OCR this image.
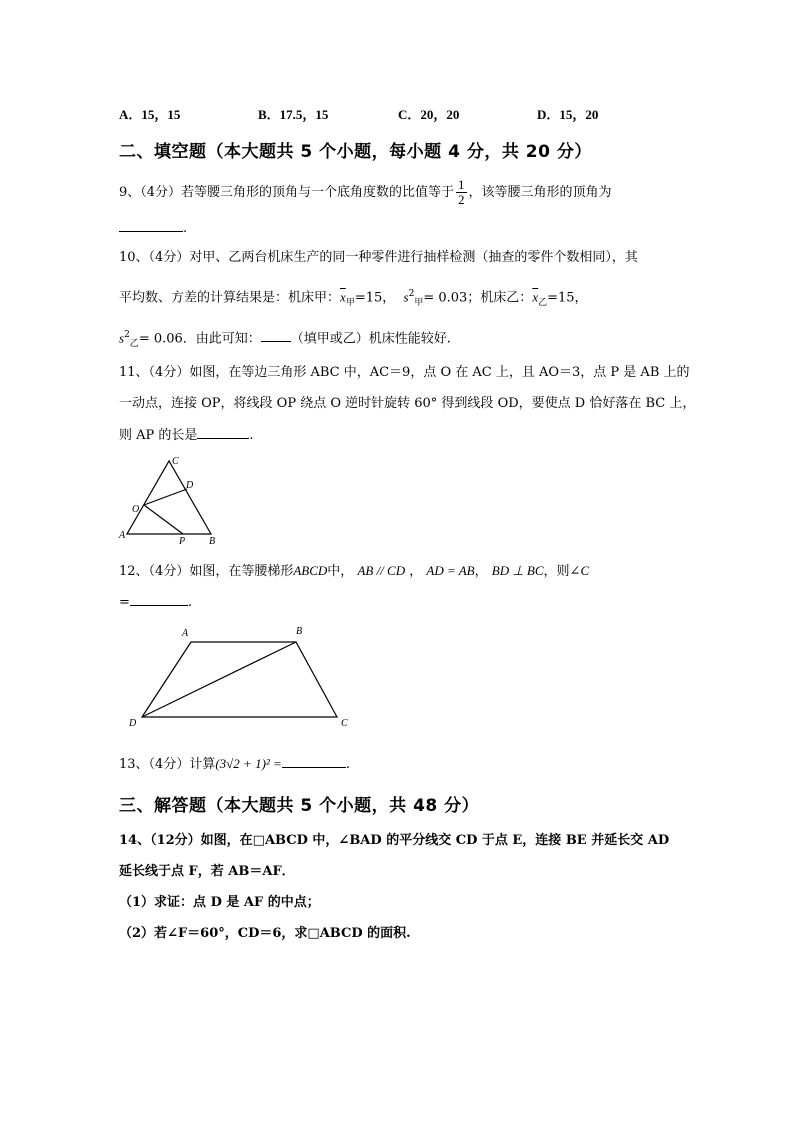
A．15，15	B．17.5，15	C．20，20	D．15，20
二、填空题（本大题共 5 个小题，每小题 4 分，共 20 分）
9、（4分）若等腰三角形的顶角与一个底角度数的比值等于 $\frac{1}{2}$ ，该等腰三角形的顶角为
.
10、（4分）对甲、乙两台机床生产的同一种零件进行抽样检测（抽查的零件个数相同），其
平均数、方差的计算结果是：机床甲：$\overline{x}_甲=15$， $s^2_甲= 0.03$；机床乙：$\overline{x}_乙=15$，
$s^2_乙= 0.06$．由此可知： （填甲或乙）机床性能较好.
11、（4分）如图，在等边三角形 ABC 中，AC＝9，点 O 在 AC 上，且 AO＝3，点 P 是 AB 上的
一动点，连接 OP，将线段 OP 绕点 O 逆时针旋转 60° 得到线段 OD，要使点 D 恰好落在 BC 上，
则 AP 的长是	.
C
D
O
A
P B
12、（4分）如图，在等腰梯形ABCD中， AB // CD ， AD = AB， BD ⊥ BC，则∠C
=	.
A	B
D	C
13、（4分）计算(3√2 + 1)² =	.
三、解答题（本大题共 5 个小题，共 48 分）
14、（12分）如图，在□ABCD 中，∠BAD 的平分线交 CD 于点 E，连接 BE 并延长交 AD
延长线于点 F，若 AB＝AF．
（1）求证：点 D 是 AF 的中点；
（2）若∠F＝60°，CD＝6，求□ABCD 的面积.
